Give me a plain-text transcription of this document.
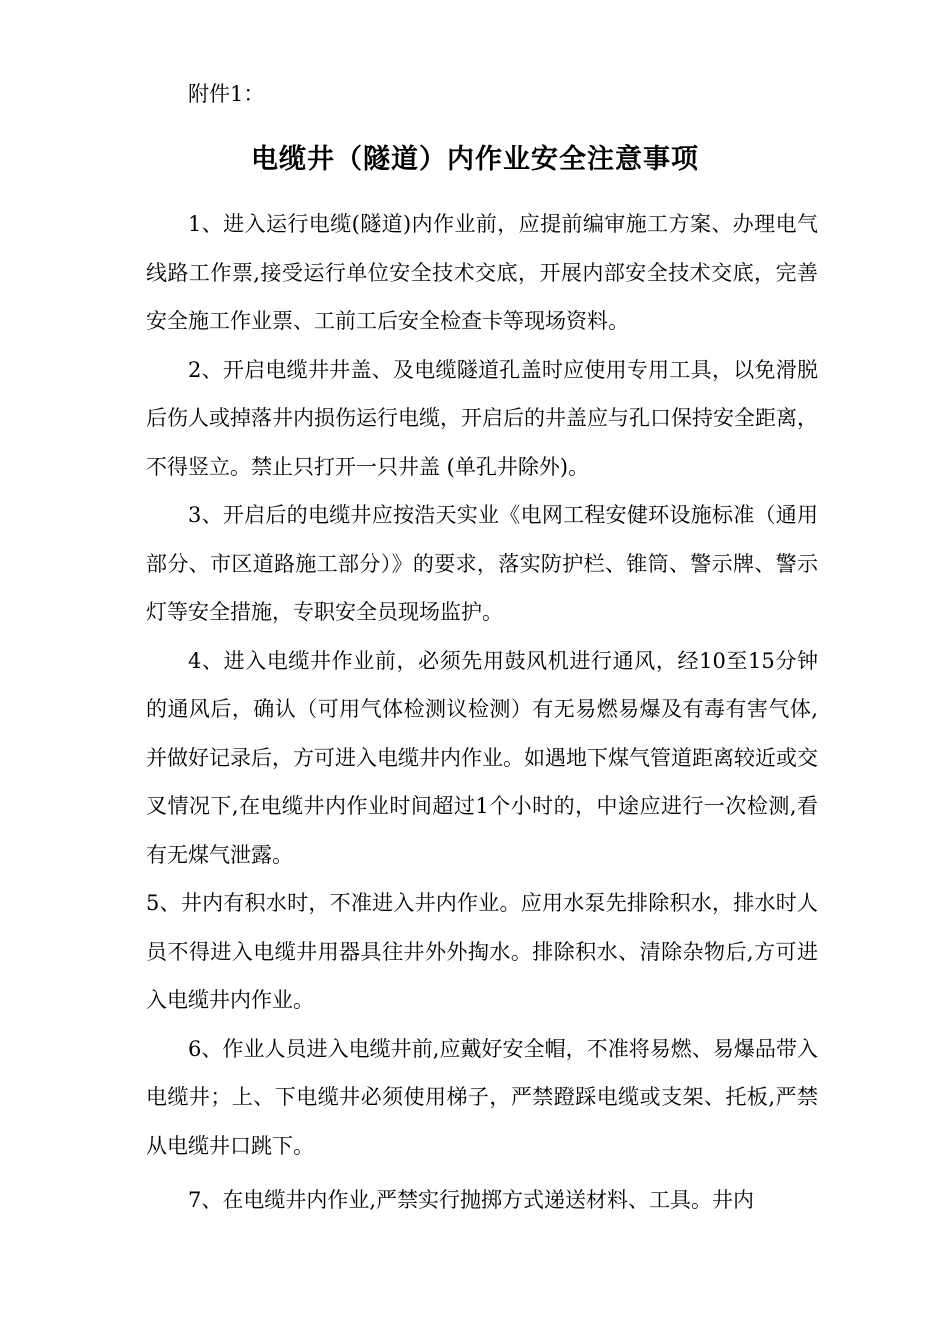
附件1：
电缆井（隧道）内作业安全注意事项

1、进入运行电缆(隧道)内作业前，应提前编审施工方案、办理电气线路工作票,接受运行单位安全技术交底，开展内部安全技术交底，完善安全施工作业票、工前工后安全检查卡等现场资料。

2、开启电缆井井盖、及电缆隧道孔盖时应使用专用工具，以免滑脱后伤人或掉落井内损伤运行电缆，开启后的井盖应与孔口保持安全距离，不得竖立。禁止只打开一只井盖 (单孔井除外)。

3、开启后的电缆井应按浩天实业《电网工程安健环设施标准（通用部分、市区道路施工部分）》的要求，落实防护栏、锥筒、警示牌、警示灯等安全措施，专职安全员现场监护。

4、进入电缆井作业前，必须先用鼓风机进行通风，经10至15分钟的通风后，确认（可用气体检测议检测）有无易燃易爆及有毒有害气体,并做好记录后，方可进入电缆井内作业。如遇地下煤气管道距离较近或交叉情况下,在电缆井内作业时间超过1个小时的，中途应进行一次检测,看有无煤气泄露。

5、井内有积水时，不准进入井内作业。应用水泵先排除积水，排水时人员不得进入电缆井用器具往井外外掏水。排除积水、清除杂物后,方可进入电缆井内作业。

6、作业人员进入电缆井前,应戴好安全帽，不准将易燃、易爆品带入电缆井；上、下电缆井必须使用梯子，严禁蹬踩电缆或支架、托板,严禁从电缆井口跳下。

7、在电缆井内作业,严禁实行抛掷方式递送材料、工具。井内
